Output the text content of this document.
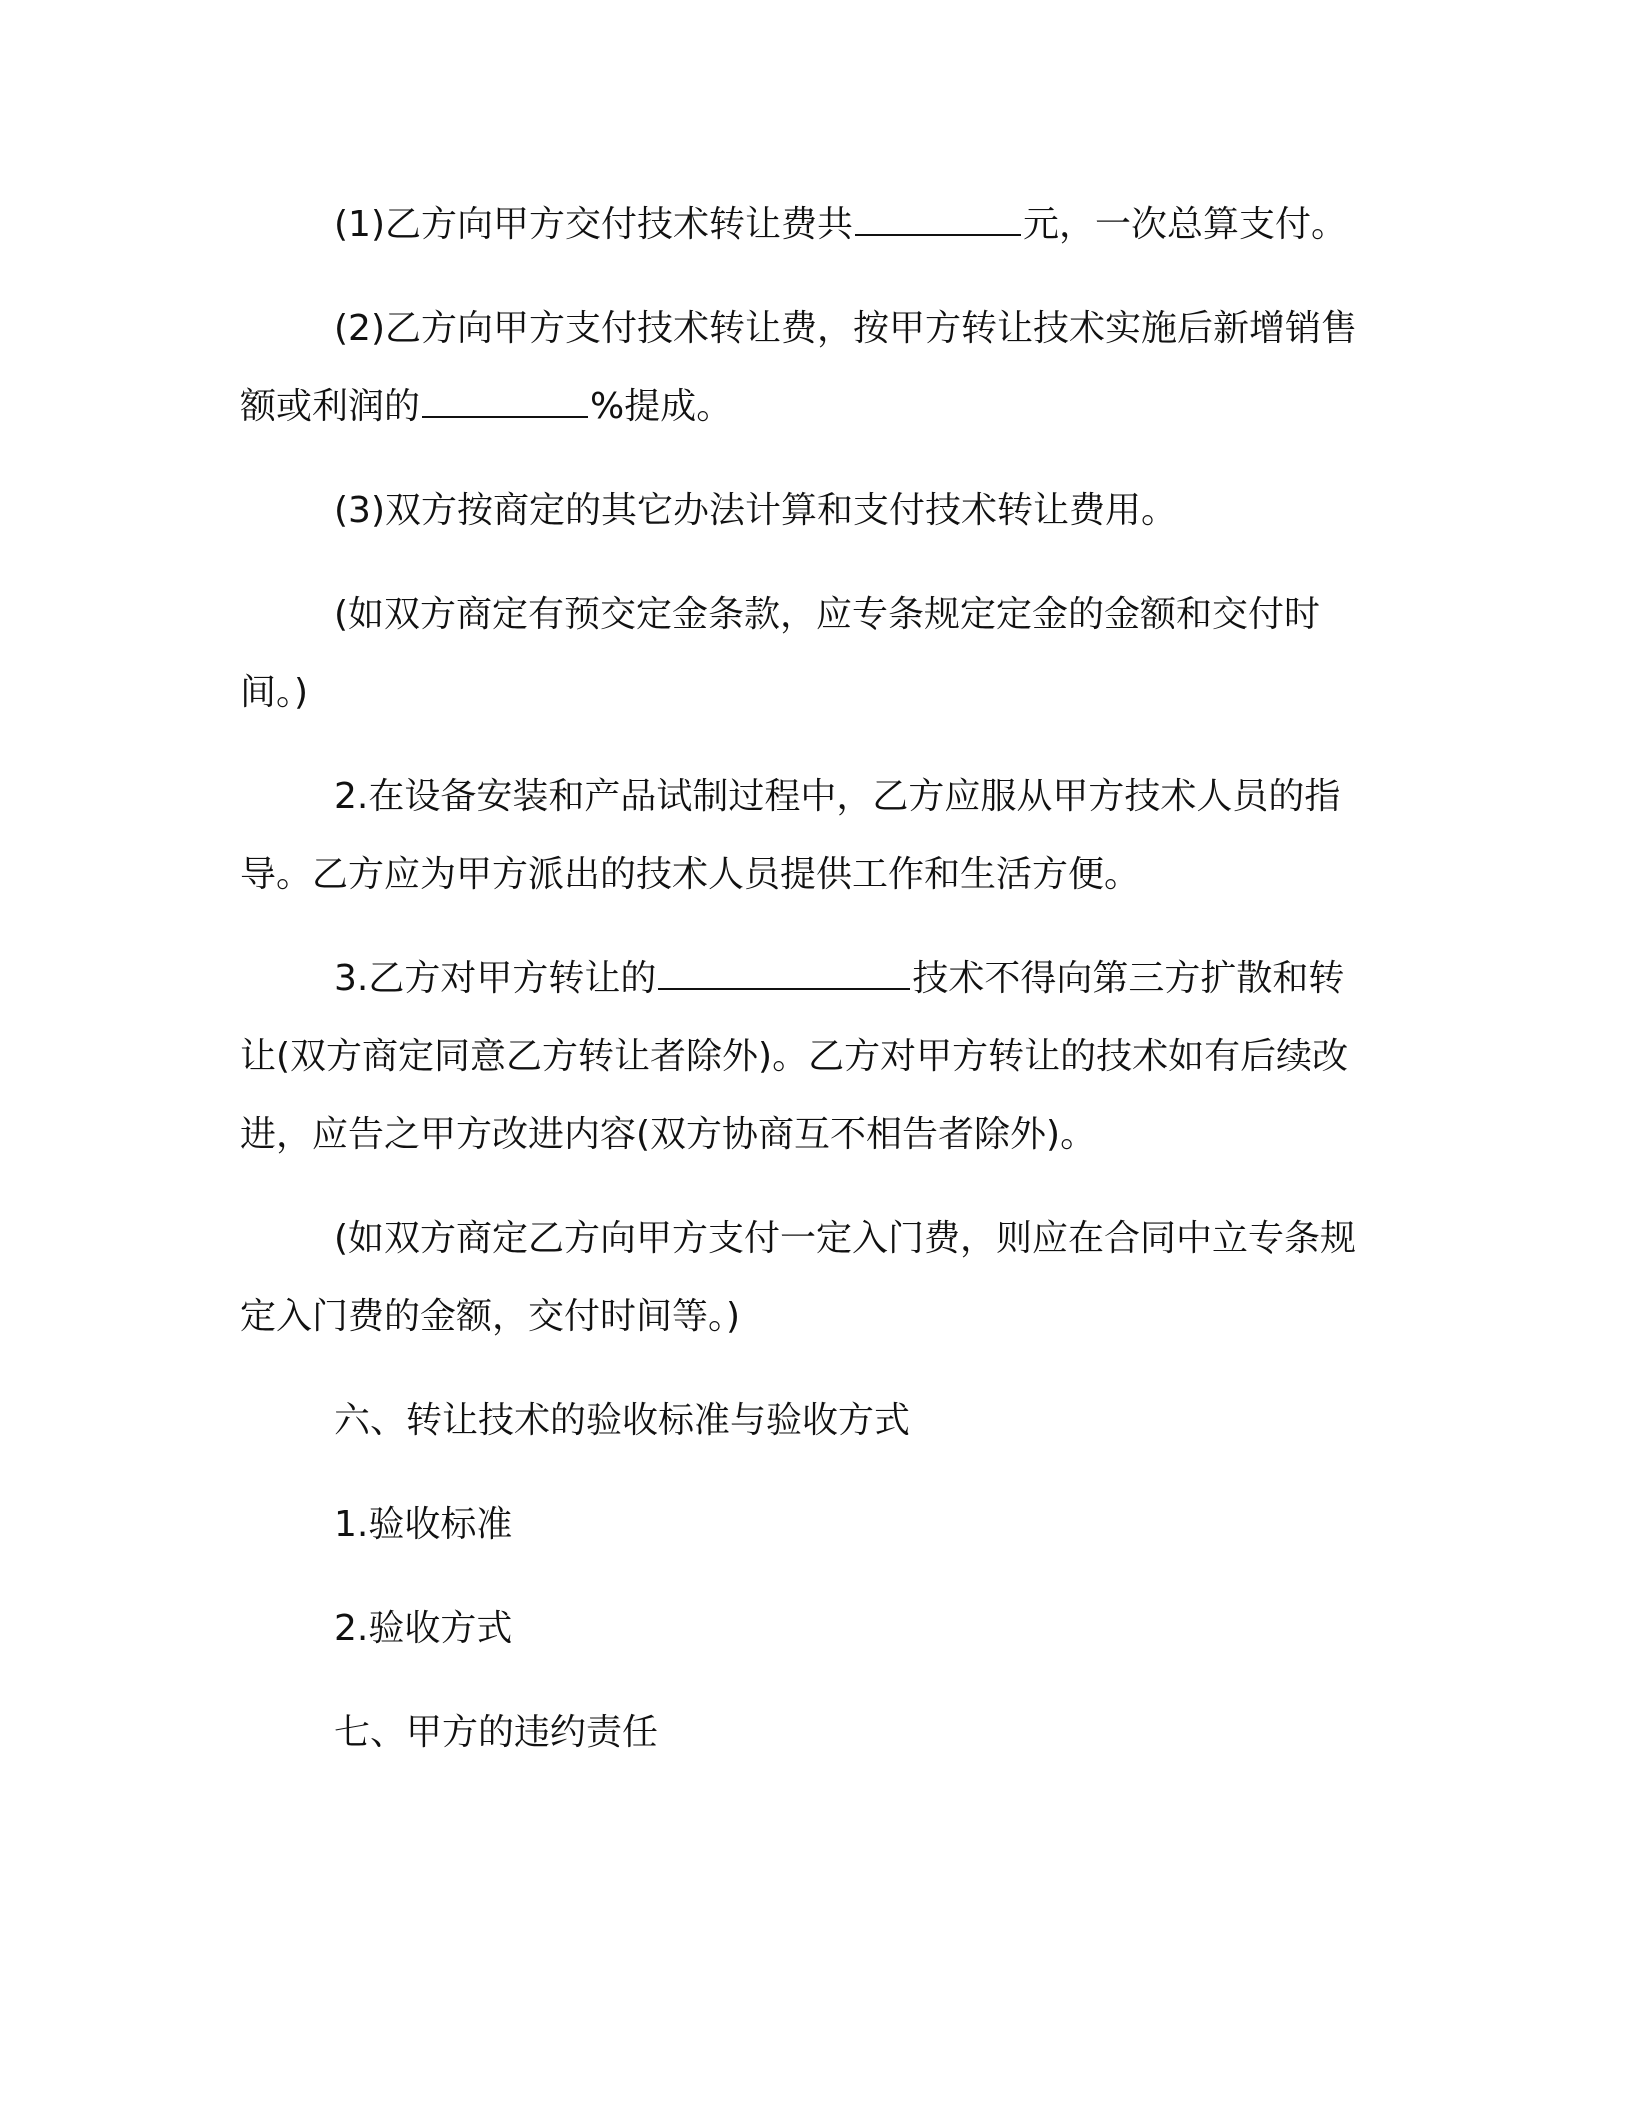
(1)乙方向甲方交付技术转让费共	元，一次总算支付。

(2)乙方向甲方支付技术转让费，按甲方转让技术实施后新增销售额或利润的	%提成。

(3)双方按商定的其它办法计算和支付技术转让费用。

(如双方商定有预交定金条款，应专条规定定金的金额和交付时间。)

2.在设备安装和产品试制过程中，乙方应服从甲方技术人员的指导。乙方应为甲方派出的技术人员提供工作和生活方便。

3.乙方对甲方转让的	技术不得向第三方扩散和转让(双方商定同意乙方转让者除外)。乙方对甲方转让的技术如有后续改进，应告之甲方改进内容(双方协商互不相告者除外)。

(如双方商定乙方向甲方支付一定入门费，则应在合同中立专条规定入门费的金额，交付时间等。)

六、转让技术的验收标准与验收方式

1.验收标准

2.验收方式

七、甲方的违约责任
